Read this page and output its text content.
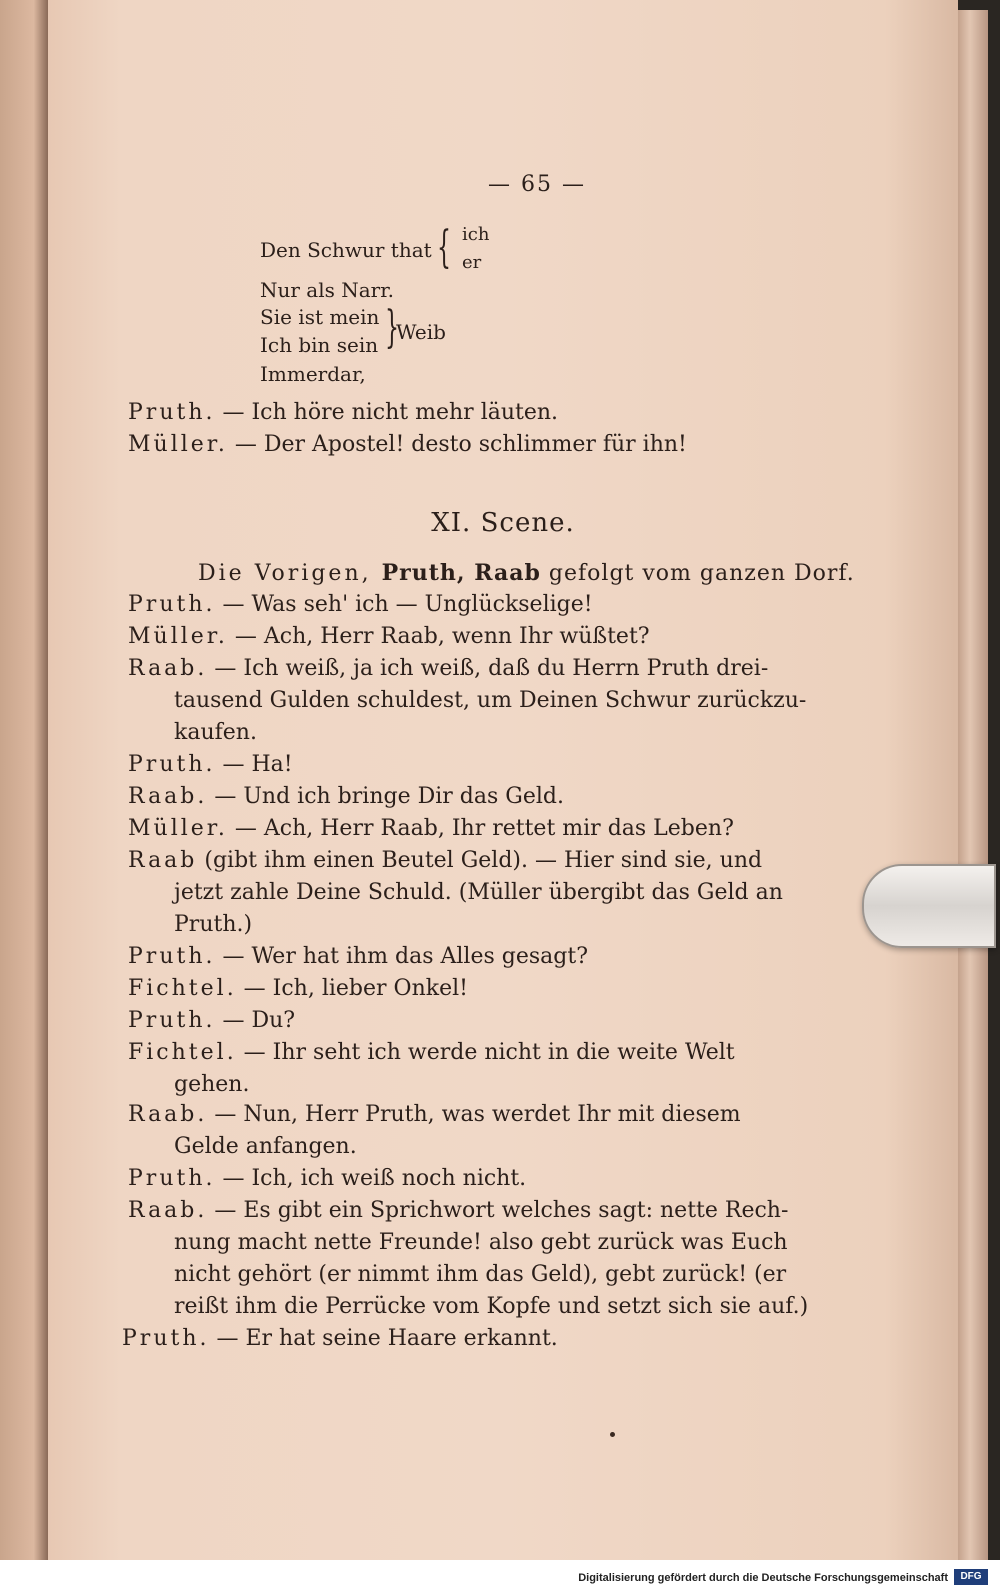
— 65 —
Den Schwur that { ich
er
Nur als Narr.
Sie ist mein
Ich bin sein }
Weib
Immerdar,
Pruth. — Ich höre nicht mehr läuten.
Müller. — Der Apostel! desto schlimmer für ihn!
XI. Scene.
Die Vorigen, Pruth, Raab gefolgt vom ganzen Dorf.
Pruth. — Was seh' ich — Unglückselige!
Müller. — Ach, Herr Raab, wenn Ihr wüßtet?
Raab. — Ich weiß, ja ich weiß, daß du Herrn Pruth drei-
tausend Gulden schuldest, um Deinen Schwur zurückzu-
kaufen.
Pruth. — Ha!
Raab. — Und ich bringe Dir das Geld.
Müller. — Ach, Herr Raab, Ihr rettet mir das Leben?
Raab (gibt ihm einen Beutel Geld). — Hier sind sie, und
jetzt zahle Deine Schuld. (Müller übergibt das Geld an
Pruth.)
Pruth. — Wer hat ihm das Alles gesagt?
Fichtel. — Ich, lieber Onkel!
Pruth. — Du?
Fichtel. — Ihr seht ich werde nicht in die weite Welt
gehen.
Raab. — Nun, Herr Pruth, was werdet Ihr mit diesem
Gelde anfangen.
Pruth. — Ich, ich weiß noch nicht.
Raab. — Es gibt ein Sprichwort welches sagt: nette Rech-
nung macht nette Freunde! also gebt zurück was Euch
nicht gehört (er nimmt ihm das Geld), gebt zurück! (er
reißt ihm die Perrücke vom Kopfe und setzt sich sie auf.)
Pruth. — Er hat seine Haare erkannt.
Digitalisierung gefördert durch die Deutsche Forschungsgemeinschaft	DFG
